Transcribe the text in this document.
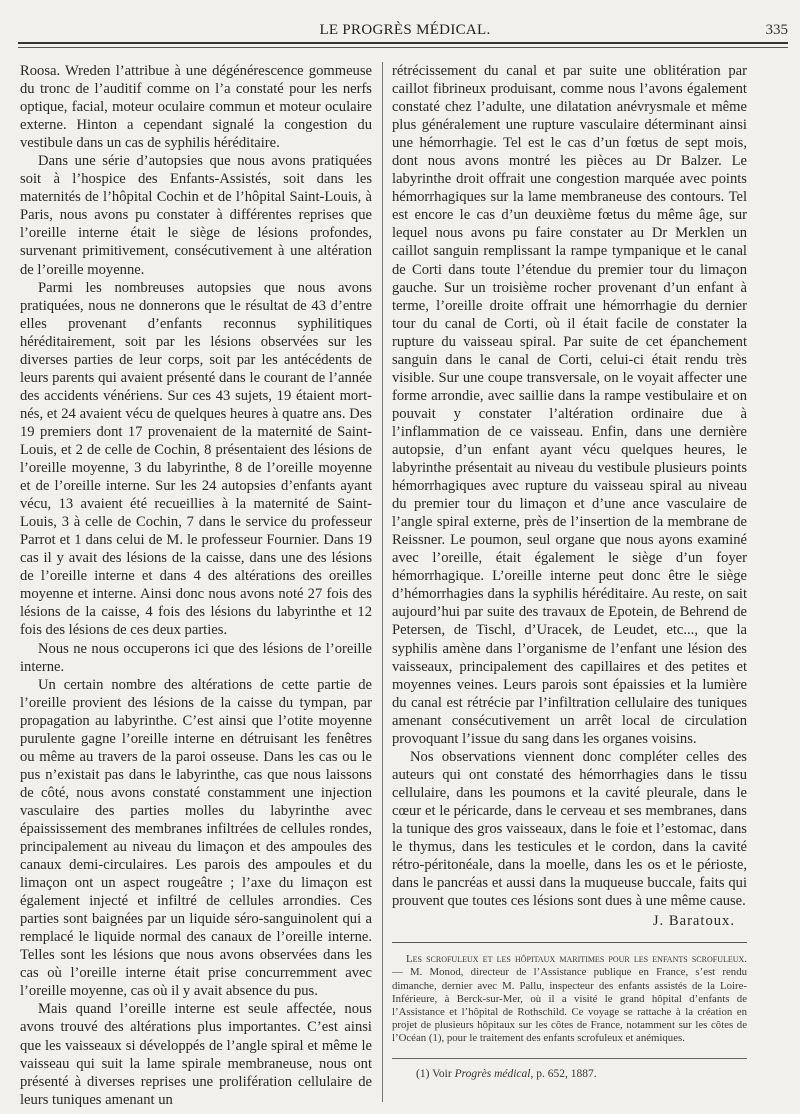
LE PROGRÈS MÉDICAL.	335

Roosa. Wreden l’attribue à une dégénérescence gommeuse du tronc de l’auditif comme on l’a constaté pour les nerfs optique, facial, moteur oculaire commun et moteur oculaire externe. Hinton a cependant signalé la congestion du vestibule dans un cas de syphilis héréditaire.

Dans une série d’autopsies que nous avons pratiquées soit à l’hospice des Enfants-Assistés, soit dans les maternités de l’hôpital Cochin et de l’hôpital Saint-Louis, à Paris, nous avons pu constater à différentes reprises que l’oreille interne était le siège de lésions profondes, survenant primitivement, consécutivement à une altération de l’oreille moyenne.

Parmi les nombreuses autopsies que nous avons pratiquées, nous ne donnerons que le résultat de 43 d’entre elles provenant d’enfants reconnus syphilitiques héréditairement, soit par les lésions observées sur les diverses parties de leur corps, soit par les antécédents de leurs parents qui avaient présenté dans le courant de l’année des accidents vénériens. Sur ces 43 sujets, 19 étaient mort-nés, et 24 avaient vécu de quelques heures à quatre ans. Des 19 premiers dont 17 provenaient de la maternité de Saint-Louis, et 2 de celle de Cochin, 8 présentaient des lésions de l’oreille moyenne, 3 du labyrinthe, 8 de l’oreille moyenne et de l’oreille interne. Sur les 24 autopsies d’enfants ayant vécu, 13 avaient été recueillies à la maternité de Saint-Louis, 3 à celle de Cochin, 7 dans le service du professeur Parrot et 1 dans celui de M. le professeur Fournier. Dans 19 cas il y avait des lésions de la caisse, dans une des lésions de l’oreille interne et dans 4 des altérations des oreilles moyenne et interne. Ainsi donc nous avons noté 27 fois des lésions de la caisse, 4 fois des lésions du labyrinthe et 12 fois des lésions de ces deux parties.

Nous ne nous occuperons ici que des lésions de l’oreille interne.

Un certain nombre des altérations de cette partie de l’oreille provient des lésions de la caisse du tympan, par propagation au labyrinthe. C’est ainsi que l’otite moyenne purulente gagne l’oreille interne en détruisant les fenêtres ou même au travers de la paroi osseuse. Dans les cas ou le pus n’existait pas dans le labyrinthe, cas que nous laissons de côté, nous avons constaté constamment une injection vasculaire des parties molles du labyrinthe avec épaississement des membranes infiltrées de cellules rondes, principalement au niveau du limaçon et des ampoules des canaux demi-circulaires. Les parois des ampoules et du limaçon ont un aspect rougeâtre ; l’axe du limaçon est également injecté et infiltré de cellules arrondies. Ces parties sont baignées par un liquide séro-sanguinolent qui a remplacé le liquide normal des canaux de l’oreille interne. Telles sont les lésions que nous avons observées dans les cas où l’oreille interne était prise concurremment avec l’oreille moyenne, cas où il y avait absence du pus.

Mais quand l’oreille interne est seule affectée, nous avons trouvé des altérations plus importantes. C’est ainsi que les vaisseaux si développés de l’angle spiral et même le vaisseau qui suit la lame spirale membraneuse, nous ont présenté à diverses reprises une prolifération cellulaire de leurs tuniques amenant un

rétrécissement du canal et par suite une oblitération par caillot fibrineux produisant, comme nous l’avons également constaté chez l’adulte, une dilatation anévrysmale et même plus généralement une rupture vasculaire déterminant ainsi une hémorrhagie. Tel est le cas d’un fœtus de sept mois, dont nous avons montré les pièces au Dr Balzer. Le labyrinthe droit offrait une congestion marquée avec points hémorrhagiques sur la lame membraneuse des contours. Tel est encore le cas d’un deuxième fœtus du même âge, sur lequel nous avons pu faire constater au Dr Merklen un caillot sanguin remplissant la rampe tympanique et le canal de Corti dans toute l’étendue du premier tour du limaçon gauche. Sur un troisième rocher provenant d’un enfant à terme, l’oreille droite offrait une hémorrhagie du dernier tour du canal de Corti, où il était facile de constater la rupture du vaisseau spiral. Par suite de cet épanchement sanguin dans le canal de Corti, celui-ci était rendu très visible. Sur une coupe transversale, on le voyait affecter une forme arrondie, avec saillie dans la rampe vestibulaire et on pouvait y constater l’altération ordinaire due à l’inflammation de ce vaisseau. Enfin, dans une dernière autopsie, d’un enfant ayant vécu quelques heures, le labyrinthe présentait au niveau du vestibule plusieurs points hémorrhagiques avec rupture du vaisseau spiral au niveau du premier tour du limaçon et d’une ance vasculaire de l’angle spiral externe, près de l’insertion de la membrane de Reissner. Le poumon, seul organe que nous ayons examiné avec l’oreille, était également le siège d’un foyer hémorrhagique. L’oreille interne peut donc être le siège d’hémorrhagies dans la syphilis héréditaire. Au reste, on sait aujourd’hui par suite des travaux de Epotein, de Behrend de Petersen, de Tischl, d’Uracek, de Leudet, etc..., que la syphilis amène dans l’organisme de l’enfant une lésion des vaisseaux, principalement des capillaires et des petites et moyennes veines. Leurs parois sont épaissies et la lumière du canal est rétrécie par l’infiltration cellulaire des tuniques amenant consécutivement un arrêt local de circulation provoquant l’issue du sang dans les organes voisins.

Nos observations viennent donc compléter celles des auteurs qui ont constaté des hémorrhagies dans le tissu cellulaire, dans les poumons et la cavité pleurale, dans le cœur et le péricarde, dans le cerveau et ses membranes, dans la tunique des gros vaisseaux, dans le foie et l’estomac, dans le thymus, dans les testicules et le cordon, dans la cavité rétro-péritonéale, dans la moelle, dans les os et le périoste, dans le pancréas et aussi dans la muqueuse buccale, faits qui prouvent que toutes ces lésions sont dues à une même cause.

J. Baratoux.

Les scrofuleux et les hôpitaux maritimes pour les enfants scrofuleux. — M. Monod, directeur de l’Assistance publique en France, s’est rendu dimanche, dernier avec M. Pallu, inspecteur des enfants assistés de la Loire-Inférieure, à Berck-sur-Mer, où il a visité le grand hôpital d’enfants de l’Assistance et l’hôpital de Rothschild. Ce voyage se rattache à la création en projet de plusieurs hôpitaux sur les côtes de France, notamment sur les côtes de l’Océan (1), pour le traitement des enfants scrofuleux et anémiques.

(1) Voir Progrès médical, p. 652, 1887.
